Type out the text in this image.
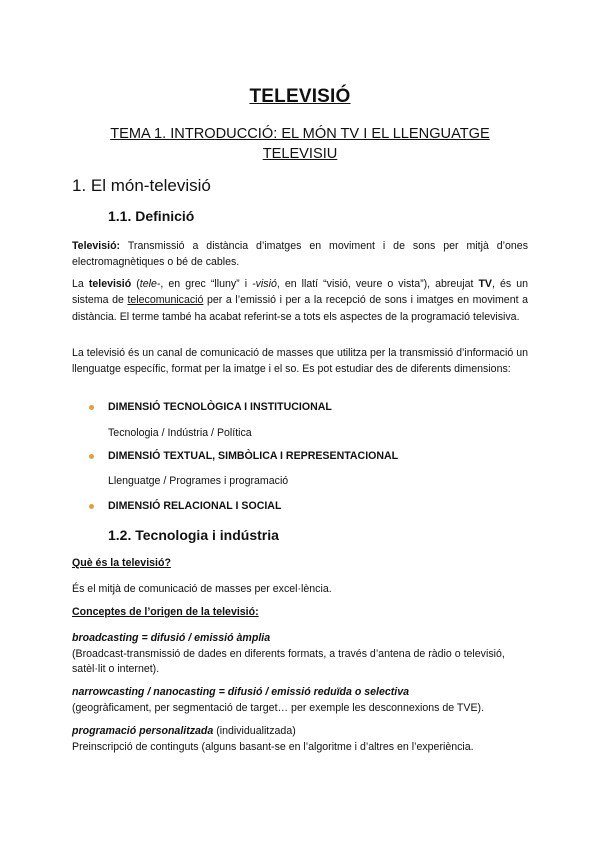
TELEVISIÓ
TEMA 1. INTRODUCCIÓ: EL MÓN TV I EL LLENGUATGE TELEVISIU
1. El món-televisió
1.1. Definició
Televisió: Transmissió a distància d’imatges en moviment i de sons per mitjà d’ones electromagnètiques o bé de cables.
La televisió (tele-, en grec “lluny” i -visió, en llatí “visió, veure o vista”), abreujat TV, és un sistema de telecomunicació per a l’emissió i per a la recepció de sons i imatges en moviment a distància. El terme també ha acabat referint-se a tots els aspectes de la programació televisiva.
La televisió és un canal de comunicació de masses que utilitza per la transmissió d’informació un llenguatge específic, format per la imatge i el so. Es pot estudiar des de diferents dimensions:
DIMENSIÓ TECNOLÒGICA I INSTITUCIONAL
Tecnologia / Indústria / Política
DIMENSIÓ TEXTUAL, SIMBÒLICA I REPRESENTACIONAL
Llenguatge / Programes i programació
DIMENSIÓ RELACIONAL I SOCIAL
1.2. Tecnologia i indústria
Què és la televisió?
És el mitjà de comunicació de masses per excel·lència.
Conceptes de l’origen de la televisió:
broadcasting = difusió / emissió àmplia
(Broadcast-transmissió de dades en diferents formats, a través d’antena de ràdio o televisió, satèl·lit o internet).
narrowcasting / nanocasting = difusió / emissió reduïda o selectiva
(geogràficament, per segmentació de target… per exemple les desconnexions de TVE).
programació personalitzada (individualitzada)
Preinscripció de continguts (alguns basant-se en l’algoritme i d’altres en l’experiència.
